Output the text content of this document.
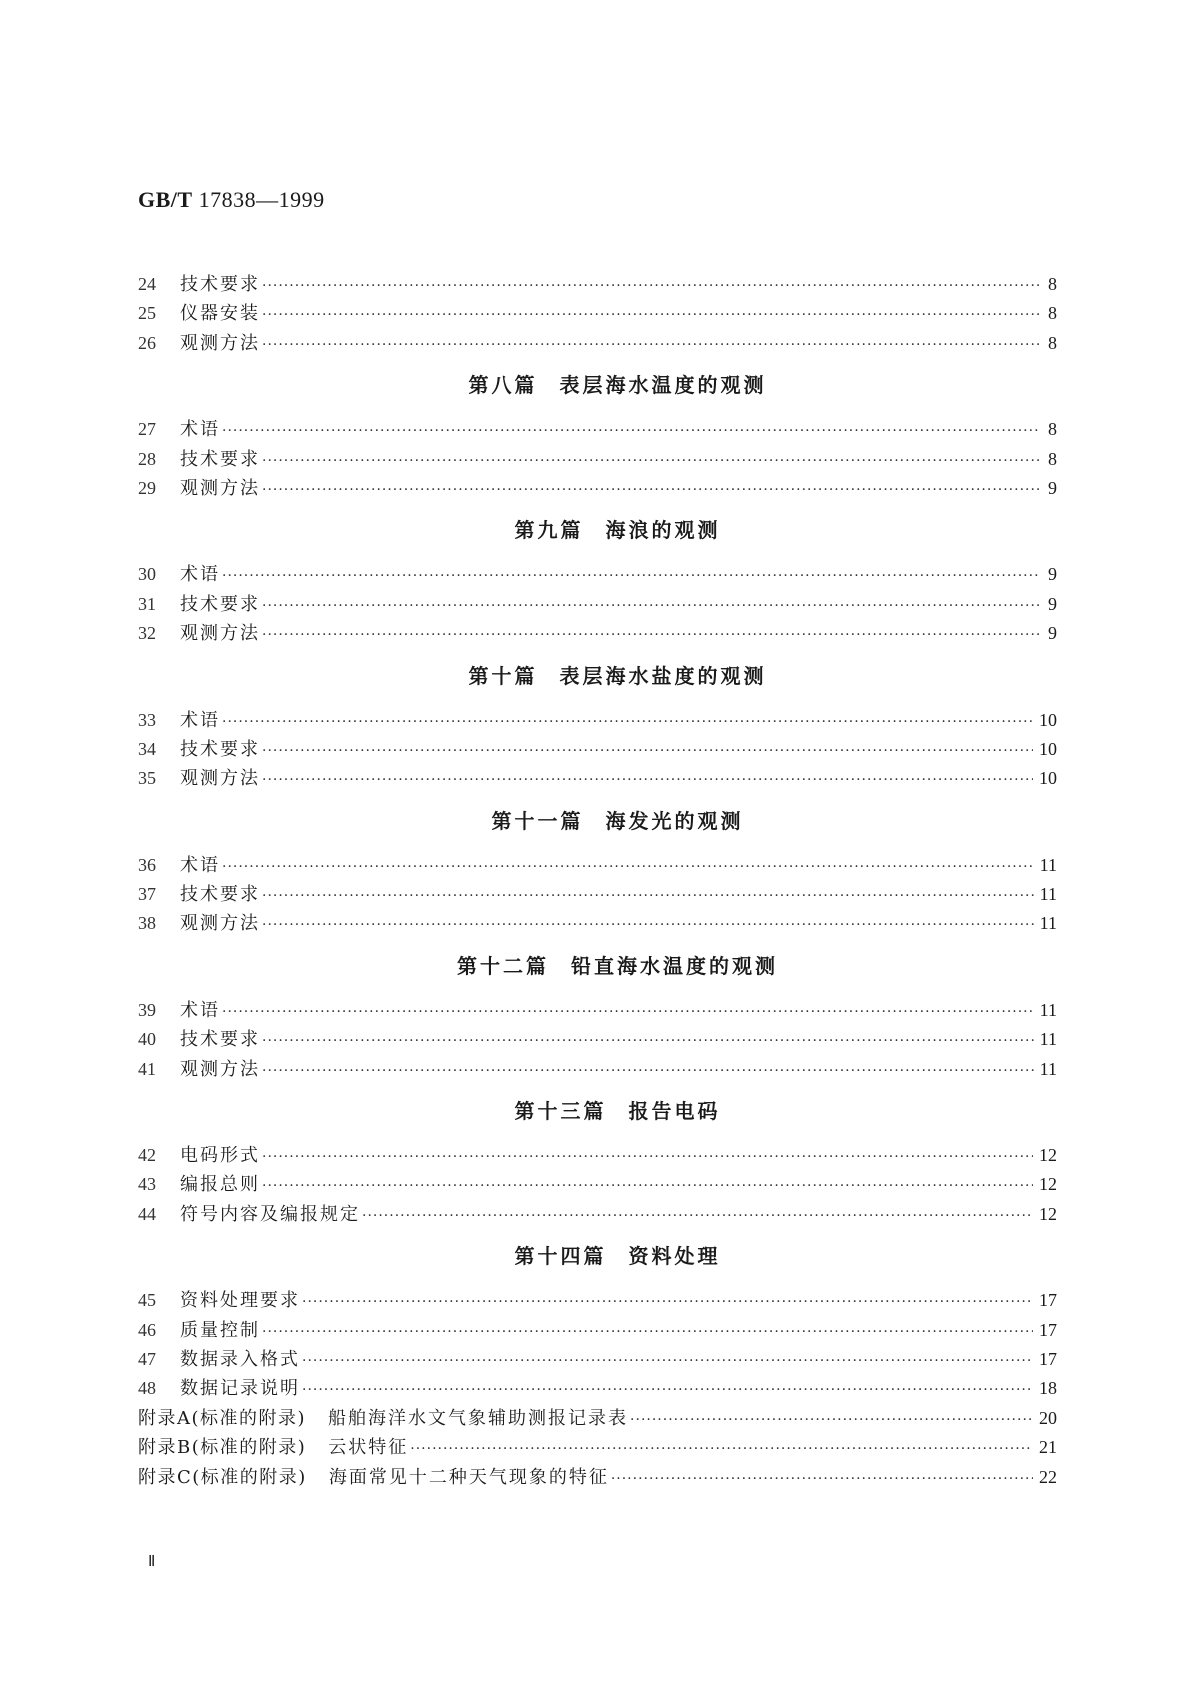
GB/T 17838—1999
24	技术要求 ·····	8
25	仪器安装 ·····	8
26	观测方法 ·····	8
第八篇 表层海水温度的观测
27	术语 ·····	8
28	技术要求 ·····	8
29	观测方法 ·····	9
第九篇 海浪的观测
30	术语 ·····	9
31	技术要求 ·····	9
32	观测方法 ·····	9
第十篇 表层海水盐度的观测
33	术语 ·····	10
34	技术要求 ·····	10
35	观测方法 ·····	10
第十一篇 海发光的观测
36	术语 ·····	11
37	技术要求 ·····	11
38	观测方法 ·····	11
第十二篇 铅直海水温度的观测
39	术语 ·····	11
40	技术要求 ·····	11
41	观测方法 ·····	11
第十三篇 报告电码
42	电码形式 ·····	12
43	编报总则 ·····	12
44	符号内容及编报规定 ·····	12
第十四篇 资料处理
45	资料处理要求 ·····	17
46	质量控制 ·····	17
47	数据录入格式 ·····	17
48	数据记录说明 ·····	18
附录A(标准的附录) 船舶海洋水文气象辅助测报记录表 ·····	20
附录B(标准的附录) 云状特征 ·····	21
附录C(标准的附录) 海面常见十二种天气现象的特征 ·····	22
Ⅱ
